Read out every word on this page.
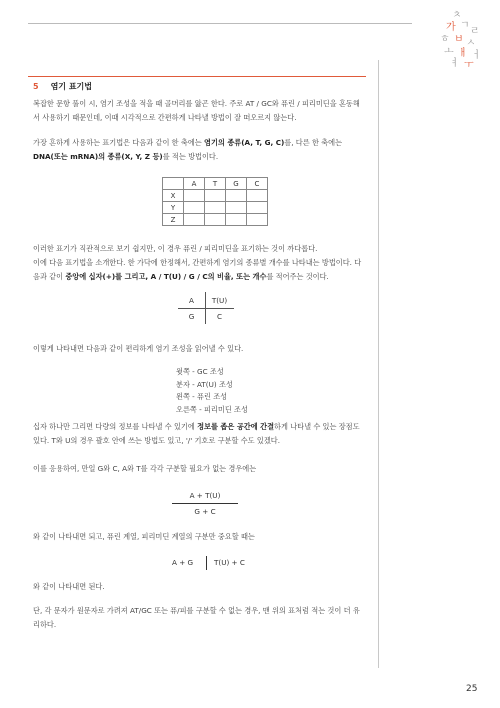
ㅊ
가 ㄱ
ㄹ
ㅎ ㅂ ㅅ
ㅗ ㅐ ㅓ
ㅕ ㅜ
5 염기 표기법
복잡한 문항 풀이 시, 염기 조성을 적을 때 골머리를 앓곤 한다. 주로 AT / GC와 퓨린 / 피리미딘을 혼동해서 사용하기 때문인데, 이때 시각적으로 간편하게 나타낼 방법이 잘 떠오르지 않는다.
가장 흔하게 사용하는 표기법은 다음과 같이 한 축에는 염기의 종류(A, T, G, C)를, 다른 한 축에는 DNA(또는 mRNA)의 종류(X, Y, Z 등)를 적는 방법이다.
	A	T	G	C
X				
Y				
Z				
이러한 표기가 직관적으로 보기 쉽지만, 이 경우 퓨린 / 피리미딘을 표기하는 것이 까다롭다.
이에 다음 표기법을 소개한다. 한 가닥에 한정해서, 간편하게 염기의 종류별 개수를 나타내는 방법이다. 다음과 같이 중앙에 십자(+)를 그리고, A / T(U) / G / C의 비율, 또는 개수를 적어주는 것이다.
A	T(U)
G	C
이렇게 나타내면 다음과 같이 편리하게 염기 조성을 읽어낼 수 있다.
윗쪽 - GC 조성
분자 - AT(U) 조성
왼쪽 - 퓨린 조성
오른쪽 - 피리미딘 조성
십자 하나만 그리면 다량의 정보를 나타낼 수 있기에 정보를 좁은 공간에 간결하게 나타낼 수 있는 장점도 있다. T와 U의 경우 괄호 안에 쓰는 방법도 있고, '/' 기호로 구분할 수도 있겠다.
이를 응용하여, 만일 G와 C, A와 T를 각각 구분할 필요가 없는 경우에는
A + T(U)
G + C
와 같이 나타내면 되고, 퓨린 계열, 피리미딘 계열의 구분만 중요할 때는
A + G	T(U) + C
와 같이 나타내면 된다.
단, 각 문자가 원문자로 가려져 AT/GC 또는 퓨/피를 구분할 수 없는 경우, 맨 위의 표처럼 적는 것이 더 유리하다.
25
